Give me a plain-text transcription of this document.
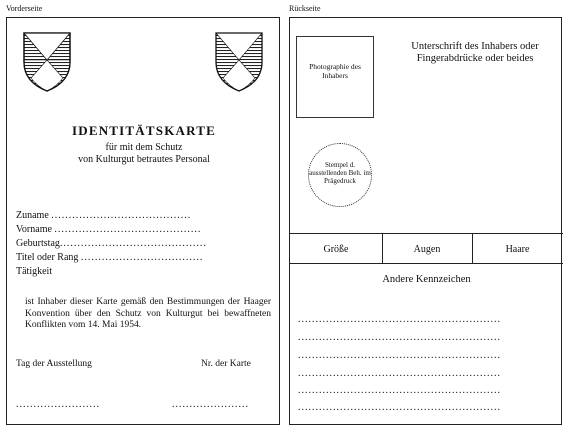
Vorderseite
IDENTITÄTSKARTE
für mit dem Schutz
von Kulturgut betrautes Personal
Zuname ........................................
Vorname ..........................................
Geburtstag..........................................
Titel oder Rang ...................................
Tätigkeit
ist Inhaber dieser Karte gemäß den Bestimmungen der Haager Konvention über den Schutz von Kulturgut bei bewaffneten Konflikten vom 14. Mai 1954.
Tag der Ausstellung	Nr. der Karte
........................	......................
Rückseite
Photographie des Inhabers
Unterschrift des Inhabers oder Fingerabdrücke oder beides
Stempel d. ausstellenden Beh. im Prägedruck
Größe	Augen	Haare
Andere Kennzeichen
..........................................................
..........................................................
..........................................................
..........................................................
..........................................................
..........................................................
